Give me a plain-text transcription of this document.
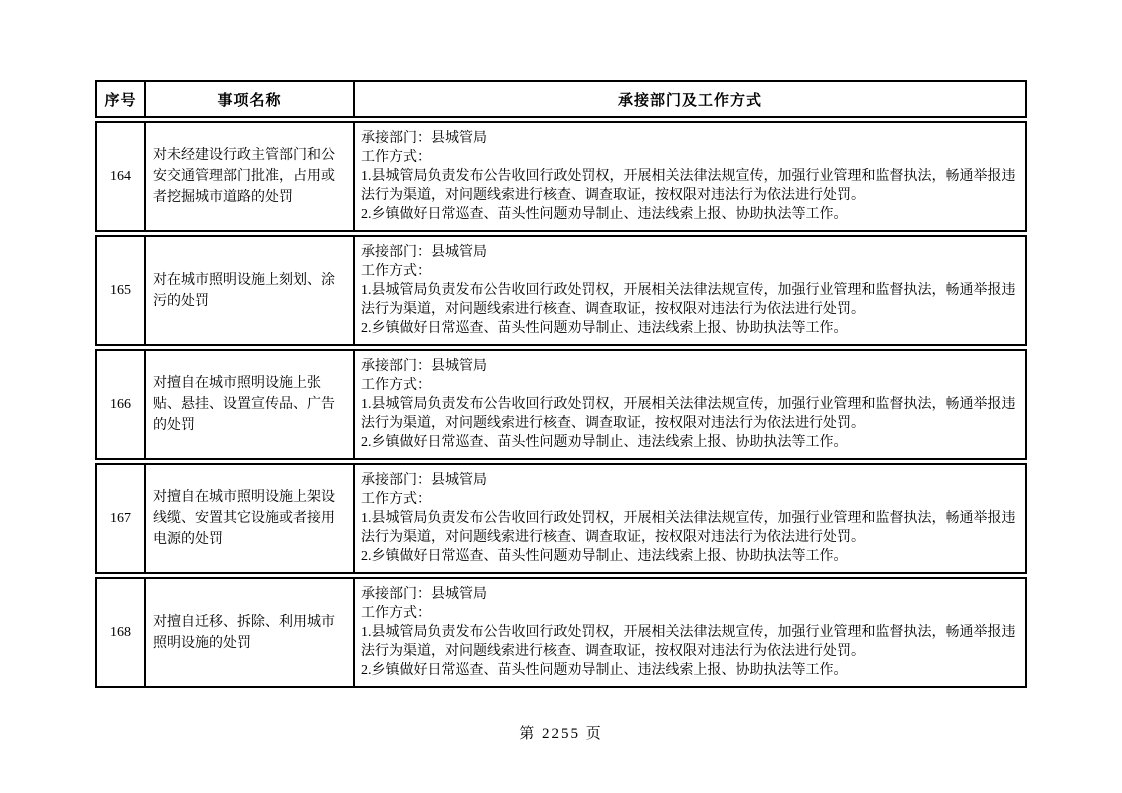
序号	事项名称	承接部门及工作方式
164
对未经建设行政主管部门和公安交通管理部门批准，占用或者挖掘城市道路的处罚
承接部门：县城管局
工作方式：
1.县城管局负责发布公告收回行政处罚权，开展相关法律法规宣传，加强行业管理和监督执法，畅通举报违法行为渠道，对问题线索进行核查、调查取证，按权限对违法行为依法进行处罚。
2.乡镇做好日常巡查、苗头性问题劝导制止、违法线索上报、协助执法等工作。
165
对在城市照明设施上刻划、涂污的处罚
承接部门：县城管局
工作方式：
1.县城管局负责发布公告收回行政处罚权，开展相关法律法规宣传，加强行业管理和监督执法，畅通举报违法行为渠道，对问题线索进行核查、调查取证，按权限对违法行为依法进行处罚。
2.乡镇做好日常巡查、苗头性问题劝导制止、违法线索上报、协助执法等工作。
166
对擅自在城市照明设施上张贴、悬挂、设置宣传品、广告的处罚
承接部门：县城管局
工作方式：
1.县城管局负责发布公告收回行政处罚权，开展相关法律法规宣传，加强行业管理和监督执法，畅通举报违法行为渠道，对问题线索进行核查、调查取证，按权限对违法行为依法进行处罚。
2.乡镇做好日常巡查、苗头性问题劝导制止、违法线索上报、协助执法等工作。
167
对擅自在城市照明设施上架设线缆、安置其它设施或者接用电源的处罚
承接部门：县城管局
工作方式：
1.县城管局负责发布公告收回行政处罚权，开展相关法律法规宣传，加强行业管理和监督执法，畅通举报违法行为渠道，对问题线索进行核查、调查取证，按权限对违法行为依法进行处罚。
2.乡镇做好日常巡查、苗头性问题劝导制止、违法线索上报、协助执法等工作。
168
对擅自迁移、拆除、利用城市照明设施的处罚
承接部门：县城管局
工作方式：
1.县城管局负责发布公告收回行政处罚权，开展相关法律法规宣传，加强行业管理和监督执法，畅通举报违法行为渠道，对问题线索进行核查、调查取证，按权限对违法行为依法进行处罚。
2.乡镇做好日常巡查、苗头性问题劝导制止、违法线索上报、协助执法等工作。
第 2255 页
